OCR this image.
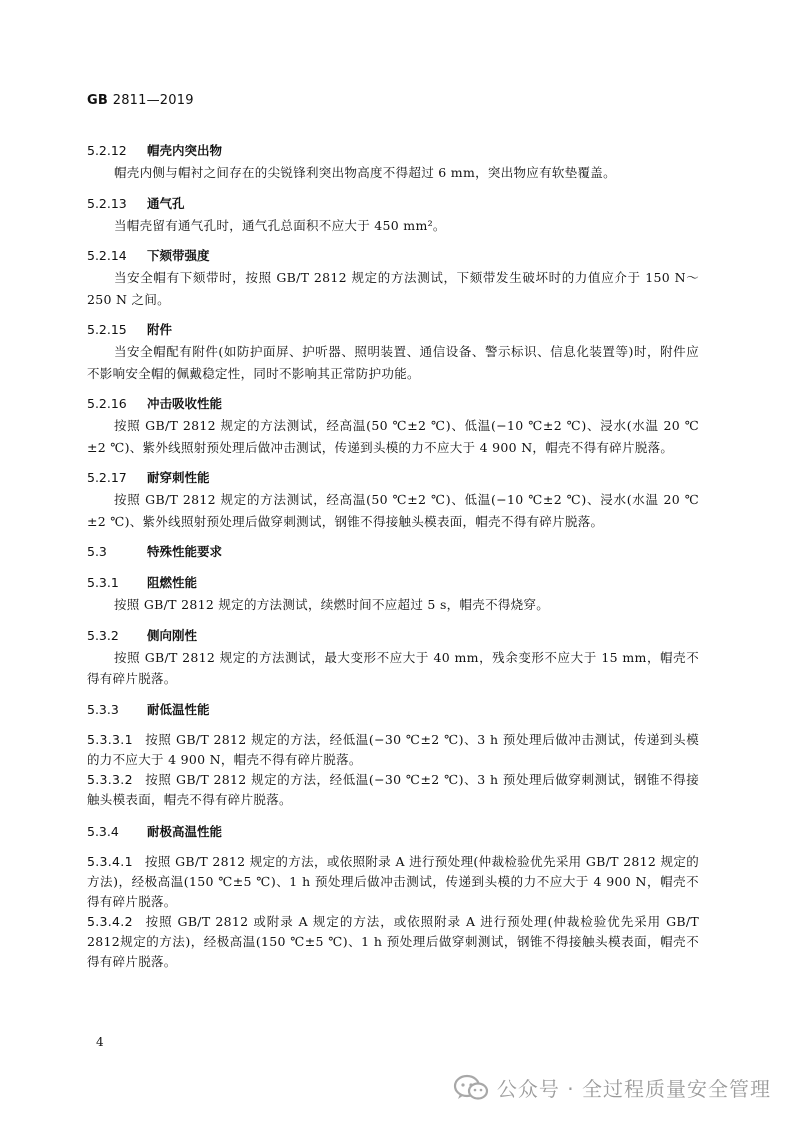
GB 2811—2019
5.2.12 帽壳内突出物

帽壳内侧与帽衬之间存在的尖锐锋利突出物高度不得超过 6 mm，突出物应有软垫覆盖。

5.2.13 通气孔

当帽壳留有通气孔时，通气孔总面积不应大于 450 mm²。

5.2.14 下颏带强度

当安全帽有下颏带时，按照 GB/T 2812 规定的方法测试，下颏带发生破坏时的力值应介于 150 N～250 N 之间。

5.2.15 附件

当安全帽配有附件(如防护面屏、护听器、照明装置、通信设备、警示标识、信息化装置等)时，附件应不影响安全帽的佩戴稳定性，同时不影响其正常防护功能。

5.2.16 冲击吸收性能

按照 GB/T 2812 规定的方法测试，经高温(50 ℃±2 ℃)、低温(−10 ℃±2 ℃)、浸水(水温 20 ℃±2 ℃)、紫外线照射预处理后做冲击测试，传递到头模的力不应大于 4 900 N，帽壳不得有碎片脱落。

5.2.17 耐穿刺性能

按照 GB/T 2812 规定的方法测试，经高温(50 ℃±2 ℃)、低温(−10 ℃±2 ℃)、浸水(水温 20 ℃±2 ℃)、紫外线照射预处理后做穿刺测试，钢锥不得接触头模表面，帽壳不得有碎片脱落。

5.3	特殊性能要求
5.3.1 阻燃性能

按照 GB/T 2812 规定的方法测试，续燃时间不应超过 5 s，帽壳不得烧穿。

5.3.2 侧向刚性

按照 GB/T 2812 规定的方法测试，最大变形不应大于 40 mm，残余变形不应大于 15 mm，帽壳不得有碎片脱落。

5.3.3 耐低温性能

5.3.3.1 按照 GB/T 2812 规定的方法，经低温(−30 ℃±2 ℃)、3 h 预处理后做冲击测试，传递到头模的力不应大于 4 900 N，帽壳不得有碎片脱落。

5.3.3.2 按照 GB/T 2812 规定的方法，经低温(−30 ℃±2 ℃)、3 h 预处理后做穿刺测试，钢锥不得接触头模表面，帽壳不得有碎片脱落。

5.3.4 耐极高温性能

5.3.4.1 按照 GB/T 2812 规定的方法，或依照附录 A 进行预处理(仲裁检验优先采用 GB/T 2812 规定的方法)，经极高温(150 ℃±5 ℃)、1 h 预处理后做冲击测试，传递到头模的力不应大于 4 900 N，帽壳不得有碎片脱落。

5.3.4.2 按照 GB/T 2812 或附录 A 规定的方法，或依照附录 A 进行预处理(仲裁检验优先采用 GB/T 2812规定的方法)，经极高温(150 ℃±5 ℃)、1 h 预处理后做穿刺测试，钢锥不得接触头模表面，帽壳不得有碎片脱落。

4
公众号 · 全过程质量安全管理
